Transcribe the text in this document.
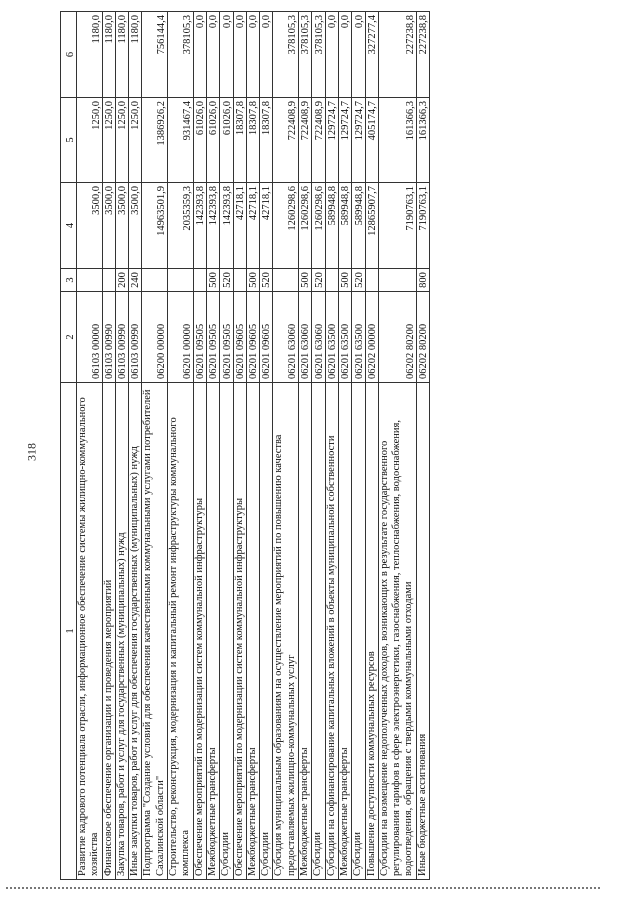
318
1	2	3	4	5	6
Развитие кадрового потенциала отрасли, информационное обеспечение системы жилищно-коммунального хозяйства	06103 00000		3500,0	1250,0	1180,0
Финансовое обеспечение организации и проведения мероприятий	06103 00990		3500,0	1250,0	1180,0
Закупка товаров, работ и услуг для государственных (муниципальных) нужд	06103 00990	200	3500,0	1250,0	1180,0
Иные закупки товаров, работ и услуг для обеспечения государственных (муниципальных) нужд	06103 00990	240	3500,0	1250,0	1180,0
Подпрограмма "Создание условий для обеспечения качественными коммунальными услугами потребителей Сахалинской области"	06200 00000		14963501,9	1386926,2	756144,4
Строительство, реконструкция, модернизация и капитальный ремонт инфраструктуры коммунального комплекса	06201 00000		2035359,3	931467,4	378105,3
Обеспечение мероприятий по модернизации систем коммунальной инфраструктуры	06201 09505		142393,8	61026,0	0,0
Межбюджетные трансферты	06201 09505	500	142393,8	61026,0	0,0
Субсидии	06201 09505	520	142393,8	61026,0	0,0
Обеспечение мероприятий по модернизации систем коммунальной инфраструктуры	06201 09605		42718,1	18307,8	0,0
Межбюджетные трансферты	06201 09605	500	42718,1	18307,8	0,0
Субсидии	06201 09605	520	42718,1	18307,8	0,0
Субсидия муниципальным образованиям на осуществление мероприятий по повышению качества предоставляемых жилищно-коммунальных услуг	06201 63060		1260298,6	722408,9	378105,3
Межбюджетные трансферты	06201 63060	500	1260298,6	722408,9	378105,3
Субсидии	06201 63060	520	1260298,6	722408,9	378105,3
Субсидии на софинансирование капитальных вложений в объекты муниципальной собственности	06201 63500		589948,8	129724,7	0,0
Межбюджетные трансферты	06201 63500	500	589948,8	129724,7	0,0
Субсидии	06201 63500	520	589948,8	129724,7	0,0
Повышение доступности коммунальных ресурсов	06202 00000		12865907,7	405174,7	327277,4
Субсидии на возмещение недополученных доходов, возникающих в результате государственного регулирования тарифов в сфере электроэнергетики, газоснабжения, теплоснабжения, водоснабжения, водоотведения, обращения с твердыми коммунальными отходами	06202 80200		7190763,1	161366,3	227238,8
Иные бюджетные ассигнования	06202 80200	800	7190763,1	161366,3	227238,8
